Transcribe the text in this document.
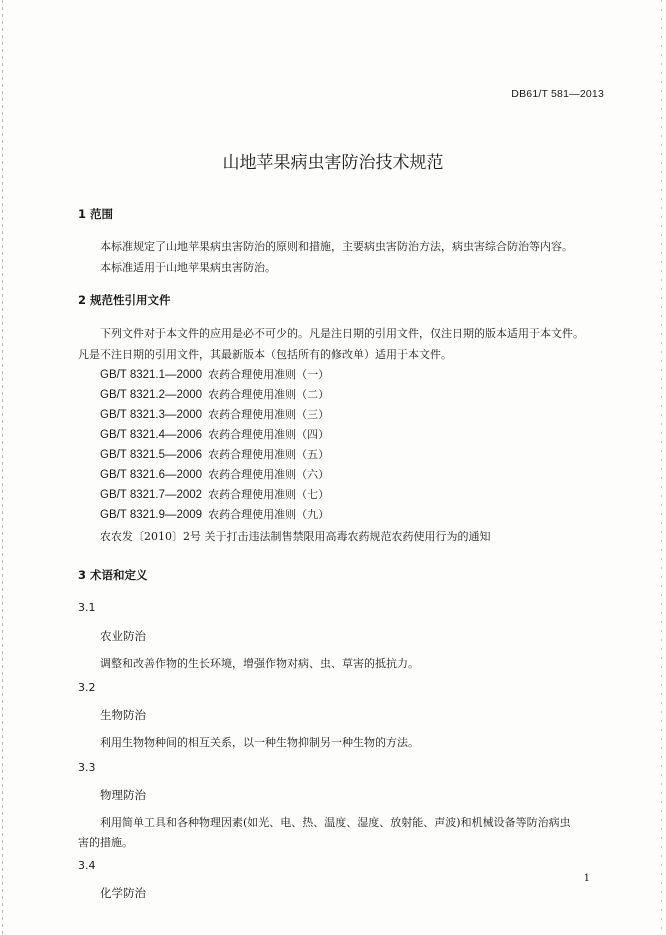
DB61/T 581—2013
山地苹果病虫害防治技术规范
1 范围
本标准规定了山地苹果病虫害防治的原则和措施，主要病虫害防治方法，病虫害综合防治等内容。
本标准适用于山地苹果病虫害防治。
2 规范性引用文件
下列文件对于本文件的应用是必不可少的。凡是注日期的引用文件，仅注日期的版本适用于本文件。
凡是不注日期的引用文件，其最新版本（包括所有的修改单）适用于本文件。
GB/T 8321.1—2000 农药合理使用准则（一）
GB/T 8321.2—2000 农药合理使用准则（二）
GB/T 8321.3—2000 农药合理使用准则（三）
GB/T 8321.4—2006 农药合理使用准则（四）
GB/T 8321.5—2006 农药合理使用准则（五）
GB/T 8321.6—2000 农药合理使用准则（六）
GB/T 8321.7—2002 农药合理使用准则（七）
GB/T 8321.9—2009 农药合理使用准则（九）
农农发〔2010〕2号 关于打击违法制售禁限用高毒农药规范农药使用行为的通知
3 术语和定义
3.1
农业防治
调整和改善作物的生长环境，增强作物对病、虫、草害的抵抗力。
3.2
生物防治
利用生物物种间的相互关系，以一种生物抑制另一种生物的方法。
3.3
物理防治
利用简单工具和各种物理因素(如光、电、热、温度、湿度、放射能、声波)和机械设备等防治病虫
害的措施。
3.4
化学防治
1
